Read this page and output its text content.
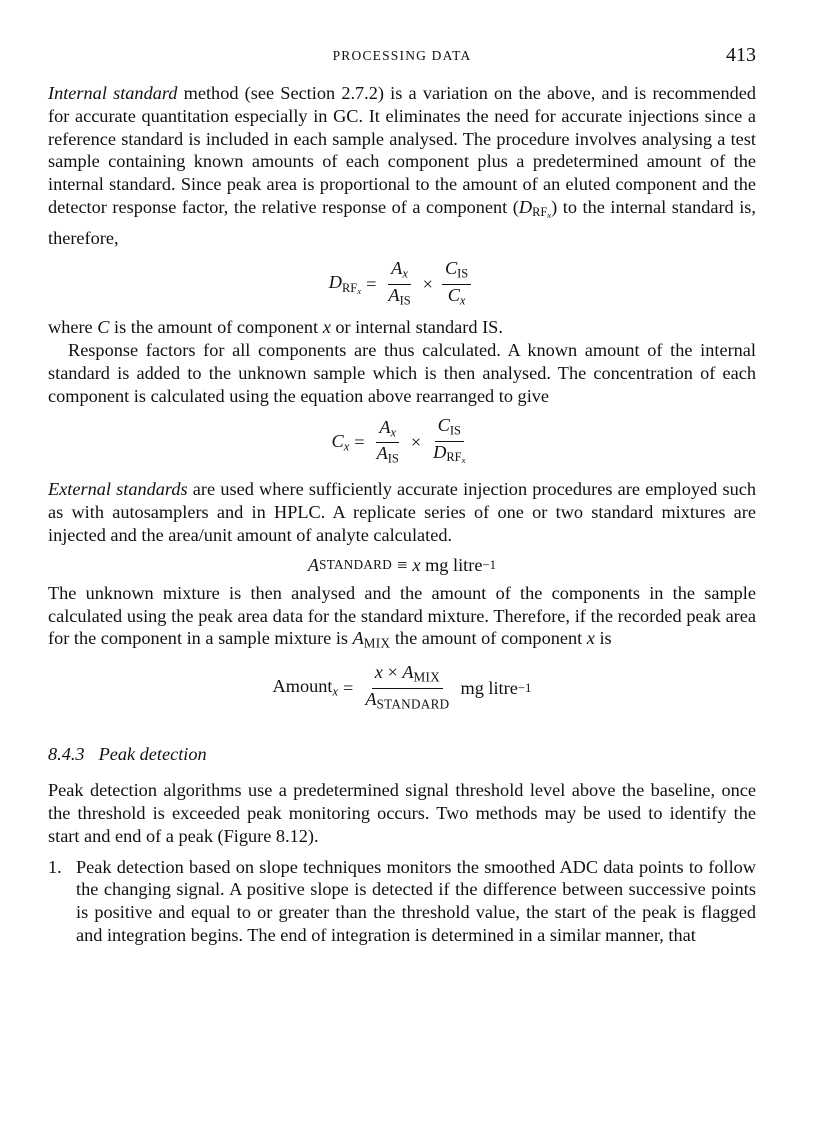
PROCESSING DATA	413

Internal standard method (see Section 2.7.2) is a variation on the above, and is recommended for accurate quantitation especially in GC. It eliminates the need for accurate injections since a reference standard is included in each sample analysed. The procedure involves analysing a test sample containing known amounts of each component plus a predetermined amount of the internal standard. Since peak area is proportional to the amount of an eluted component and the detector response factor, the relative response of a component $(D_{RFx})$ to the internal standard is, therefore,

$D_{RFx} = \frac{A_x}{A_{IS}} \times \frac{C_{IS}}{C_x}$

where C is the amount of component x or internal standard IS.

Response factors for all components are thus calculated. A known amount of the internal standard is added to the unknown sample which is then analysed. The concentration of each component is calculated using the equation above rearranged to give

$C_x = \frac{A_x}{A_{IS}} \times \frac{C_{IS}}{D_{RFx}}$

External standards are used where sufficiently accurate injection procedures are employed such as with autosamplers and in HPLC. A replicate series of one or two standard mixtures are injected and the area/unit amount of analyte calculated.

A STANDARD ≡ x
mg litre −1

The unknown mixture is then analysed and the amount of the components in the sample calculated using the peak area data for the standard mixture. Therefore, if the recorded peak area for the component in a sample mixture is $A_{MIX}$ the amount of component x is

Amount$_x$ = $\frac{x \times A_{MIX}}{A_{STANDARD}}$ mg litre −1
8.4.3 Peak detection

Peak detection algorithms use a predetermined signal threshold level above the baseline, once the threshold is exceeded peak monitoring occurs. Two methods may be used to identify the start and end of a peak (Figure 8.12).

1. Peak detection based on slope techniques monitors the smoothed ADC data points to follow the changing signal. A positive slope is detected if the difference between successive points is positive and equal to or greater than the threshold value, the start of the peak is flagged and integration begins. The end of integration is determined in a similar manner, that
